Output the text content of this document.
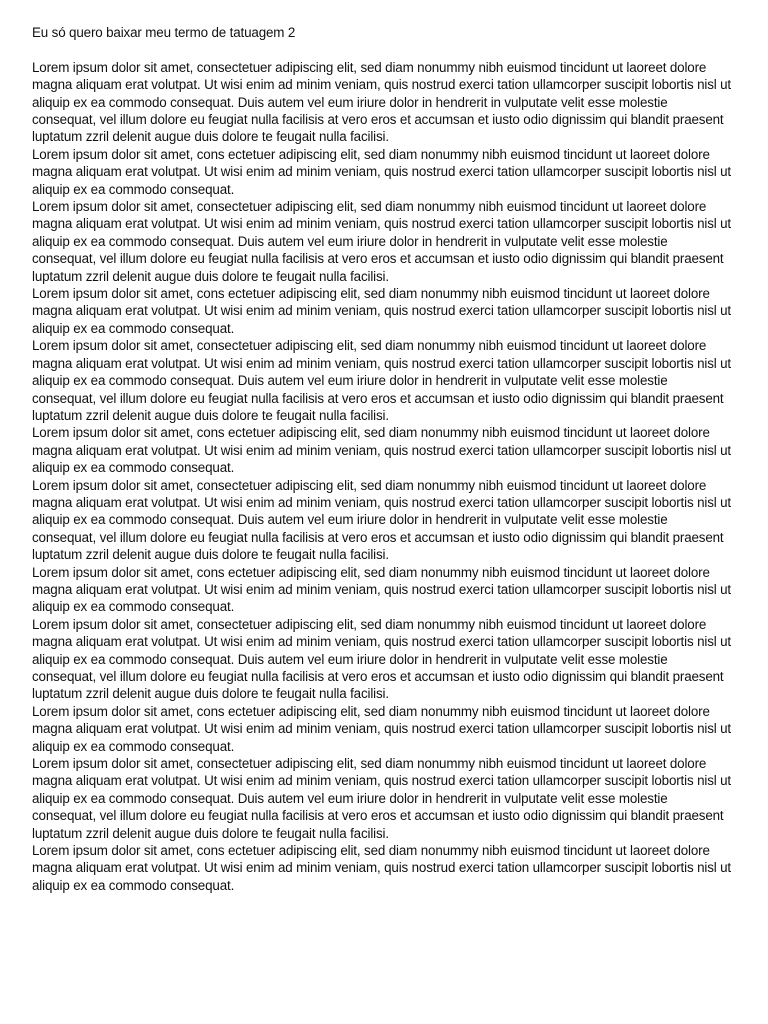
Eu só quero baixar meu termo de tatuagem 2

Lorem ipsum dolor sit amet, consectetuer adipiscing elit, sed diam nonummy nibh euismod tincidunt ut laoreet dolore magna aliquam erat volutpat. Ut wisi enim ad minim veniam, quis nostrud exerci tation ullamcorper suscipit lobortis nisl ut aliquip ex ea commodo consequat. Duis autem vel eum iriure dolor in hendrerit in vulputate velit esse molestie consequat, vel illum dolore eu feugiat nulla facilisis at vero eros et accumsan et iusto odio dignissim qui blandit praesent luptatum zzril delenit augue duis dolore te feugait nulla facilisi.

Lorem ipsum dolor sit amet, cons ectetuer adipiscing elit, sed diam nonummy nibh euismod tincidunt ut laoreet dolore magna aliquam erat volutpat. Ut wisi enim ad minim veniam, quis nostrud exerci tation ullamcorper suscipit lobortis nisl ut aliquip ex ea commodo consequat.

Lorem ipsum dolor sit amet, consectetuer adipiscing elit, sed diam nonummy nibh euismod tincidunt ut laoreet dolore magna aliquam erat volutpat. Ut wisi enim ad minim veniam, quis nostrud exerci tation ullamcorper suscipit lobortis nisl ut aliquip ex ea commodo consequat. Duis autem vel eum iriure dolor in hendrerit in vulputate velit esse molestie consequat, vel illum dolore eu feugiat nulla facilisis at vero eros et accumsan et iusto odio dignissim qui blandit praesent luptatum zzril delenit augue duis dolore te feugait nulla facilisi.

Lorem ipsum dolor sit amet, cons ectetuer adipiscing elit, sed diam nonummy nibh euismod tincidunt ut laoreet dolore magna aliquam erat volutpat. Ut wisi enim ad minim veniam, quis nostrud exerci tation ullamcorper suscipit lobortis nisl ut aliquip ex ea commodo consequat.

Lorem ipsum dolor sit amet, consectetuer adipiscing elit, sed diam nonummy nibh euismod tincidunt ut laoreet dolore magna aliquam erat volutpat. Ut wisi enim ad minim veniam, quis nostrud exerci tation ullamcorper suscipit lobortis nisl ut aliquip ex ea commodo consequat. Duis autem vel eum iriure dolor in hendrerit in vulputate velit esse molestie consequat, vel illum dolore eu feugiat nulla facilisis at vero eros et accumsan et iusto odio dignissim qui blandit praesent luptatum zzril delenit augue duis dolore te feugait nulla facilisi.

Lorem ipsum dolor sit amet, cons ectetuer adipiscing elit, sed diam nonummy nibh euismod tincidunt ut laoreet dolore magna aliquam erat volutpat. Ut wisi enim ad minim veniam, quis nostrud exerci tation ullamcorper suscipit lobortis nisl ut aliquip ex ea commodo consequat.

Lorem ipsum dolor sit amet, consectetuer adipiscing elit, sed diam nonummy nibh euismod tincidunt ut laoreet dolore magna aliquam erat volutpat. Ut wisi enim ad minim veniam, quis nostrud exerci tation ullamcorper suscipit lobortis nisl ut aliquip ex ea commodo consequat. Duis autem vel eum iriure dolor in hendrerit in vulputate velit esse molestie consequat, vel illum dolore eu feugiat nulla facilisis at vero eros et accumsan et iusto odio dignissim qui blandit praesent luptatum zzril delenit augue duis dolore te feugait nulla facilisi.

Lorem ipsum dolor sit amet, cons ectetuer adipiscing elit, sed diam nonummy nibh euismod tincidunt ut laoreet dolore magna aliquam erat volutpat. Ut wisi enim ad minim veniam, quis nostrud exerci tation ullamcorper suscipit lobortis nisl ut aliquip ex ea commodo consequat.

Lorem ipsum dolor sit amet, consectetuer adipiscing elit, sed diam nonummy nibh euismod tincidunt ut laoreet dolore magna aliquam erat volutpat. Ut wisi enim ad minim veniam, quis nostrud exerci tation ullamcorper suscipit lobortis nisl ut aliquip ex ea commodo consequat. Duis autem vel eum iriure dolor in hendrerit in vulputate velit esse molestie consequat, vel illum dolore eu feugiat nulla facilisis at vero eros et accumsan et iusto odio dignissim qui blandit praesent luptatum zzril delenit augue duis dolore te feugait nulla facilisi.

Lorem ipsum dolor sit amet, cons ectetuer adipiscing elit, sed diam nonummy nibh euismod tincidunt ut laoreet dolore magna aliquam erat volutpat. Ut wisi enim ad minim veniam, quis nostrud exerci tation ullamcorper suscipit lobortis nisl ut aliquip ex ea commodo consequat.

Lorem ipsum dolor sit amet, consectetuer adipiscing elit, sed diam nonummy nibh euismod tincidunt ut laoreet dolore magna aliquam erat volutpat. Ut wisi enim ad minim veniam, quis nostrud exerci tation ullamcorper suscipit lobortis nisl ut aliquip ex ea commodo consequat. Duis autem vel eum iriure dolor in hendrerit in vulputate velit esse molestie consequat, vel illum dolore eu feugiat nulla facilisis at vero eros et accumsan et iusto odio dignissim qui blandit praesent luptatum zzril delenit augue duis dolore te feugait nulla facilisi.

Lorem ipsum dolor sit amet, cons ectetuer adipiscing elit, sed diam nonummy nibh euismod tincidunt ut laoreet dolore magna aliquam erat volutpat. Ut wisi enim ad minim veniam, quis nostrud exerci tation ullamcorper suscipit lobortis nisl ut aliquip ex ea commodo consequat.
